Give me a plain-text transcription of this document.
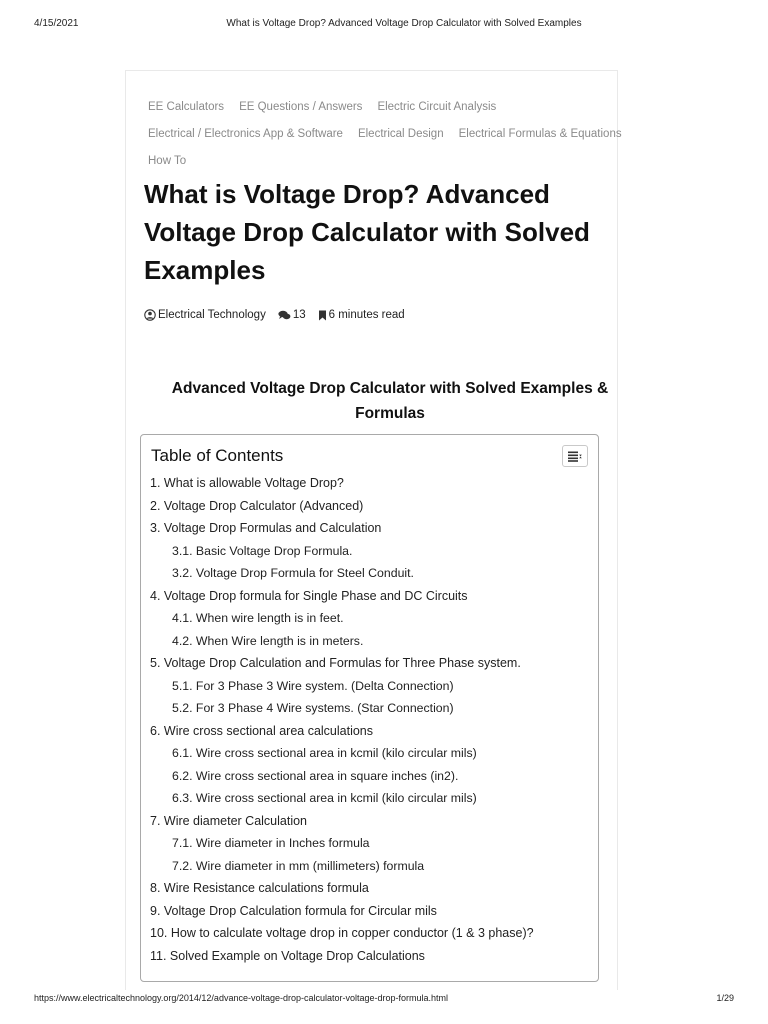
4/15/2021	What is Voltage Drop? Advanced Voltage Drop Calculator with Solved Examples
EE Calculators EE Questions / Answers Electric Circuit Analysis
Electrical / Electronics App & Software Electrical Design Electrical Formulas & Equations
How To
What is Voltage Drop? Advanced Voltage Drop Calculator with Solved Examples
Electrical Technology 13 6 minutes read
Advanced Voltage Drop Calculator with Solved Examples & Formulas
Table of Contents
1. What is allowable Voltage Drop?
2. Voltage Drop Calculator (Advanced)
3. Voltage Drop Formulas and Calculation
3.1. Basic Voltage Drop Formula.
3.2. Voltage Drop Formula for Steel Conduit.
4. Voltage Drop formula for Single Phase and DC Circuits
4.1. When wire length is in feet.
4.2. When Wire length is in meters.
5. Voltage Drop Calculation and Formulas for Three Phase system.
5.1. For 3 Phase 3 Wire system. (Delta Connection)
5.2. For 3 Phase 4 Wire systems. (Star Connection)
6. Wire cross sectional area calculations
6.1. Wire cross sectional area in kcmil (kilo circular mils)
6.2. Wire cross sectional area in square inches (in2).
6.3. Wire cross sectional area in kcmil (kilo circular mils)
7. Wire diameter Calculation
7.1. Wire diameter in Inches formula
7.2. Wire diameter in mm (millimeters) formula
8. Wire Resistance calculations formula
9. Voltage Drop Calculation formula for Circular mils
10. How to calculate voltage drop in copper conductor (1 & 3 phase)?
11. Solved Example on Voltage Drop Calculations
https://www.electricaltechnology.org/2014/12/advance-voltage-drop-calculator-voltage-drop-formula.html	1/29
